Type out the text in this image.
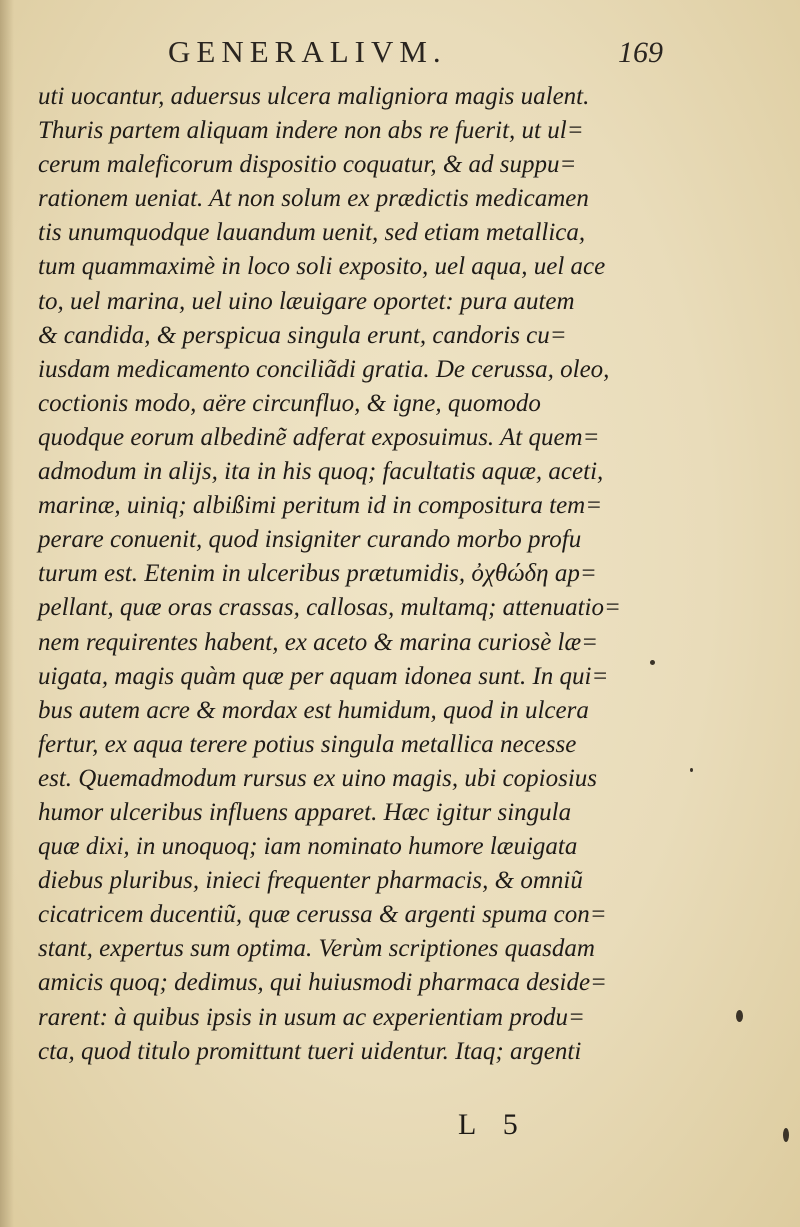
GENERALIVM.	169
uti uocantur, aduersus ulcera maligniora magis ualent.
Thuris partem aliquam indere non abs re fuerit, ut ul=
cerum maleficorum dispositio coquatur, & ad suppu=
rationem ueniat. At non solum ex prædictis medicamen
tis unumquodque lauandum uenit, sed etiam metallica,
tum quammaximè in loco soli exposito, uel aqua, uel ace
to, uel marina, uel uino læuigare oportet: pura autem
& candida, & perspicua singula erunt, candoris cu=
iusdam medicamento conciliãdi gratia. De cerussa, oleo,
coctionis modo, aëre circunfluo, & igne, quomodo
quodque eorum albedinẽ adferat exposuimus. At quem=
admodum in alijs, ita in his quoq; facultatis aquæ, aceti,
marinæ, uiniq; albißimi peritum id in compositura tem=
perare conuenit, quod insigniter curando morbo profu
turum est. Etenim in ulceribus prætumidis, ὀχθώδη ap=
pellant, quæ oras crassas, callosas, multamq; attenuatio=
nem requirentes habent, ex aceto & marina curiosè læ=
uigata, magis quàm quæ per aquam idonea sunt. In qui=
bus autem acre & mordax est humidum, quod in ulcera
fertur, ex aqua terere potius singula metallica necesse
est. Quemadmodum rursus ex uino magis, ubi copiosius
humor ulceribus influens apparet. Hæc igitur singula
quæ dixi, in unoquoq; iam nominato humore læuigata
diebus pluribus, inieci frequenter pharmacis, & omniũ
cicatricem ducentiũ, quæ cerussa & argenti spuma con=
stant, expertus sum optima. Verùm scriptiones quasdam
amicis quoq; dedimus, qui huiusmodi pharmaca deside=
rarent: à quibus ipsis in usum ac experientiam produ=
cta, quod titulo promittunt tueri uidentur. Itaq; argenti
L 5
